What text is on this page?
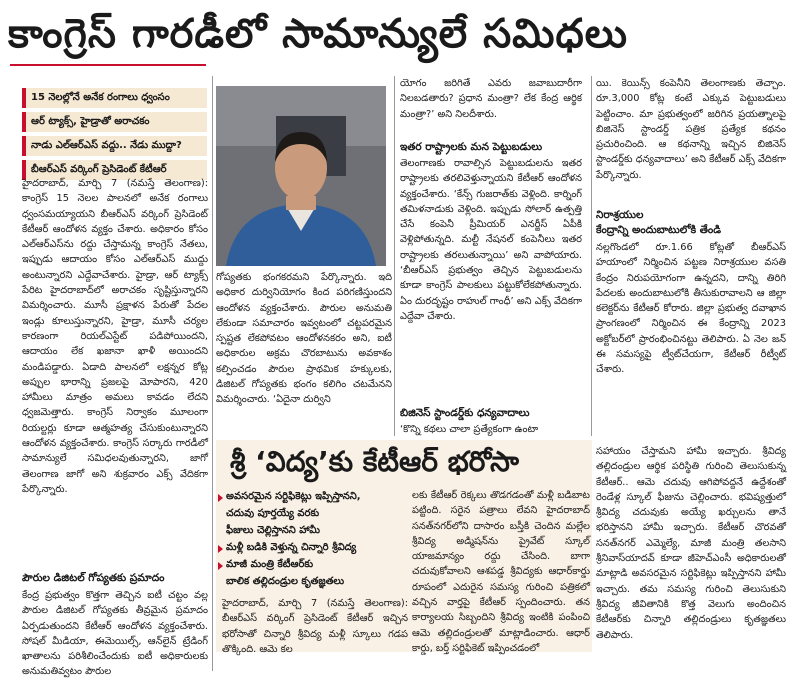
కాంగ్రెస్ గారడీలో సామాన్యులే సమిధలు
15 నెలల్లోనే అనేక రంగాలు ధ్వంసం
ఆర్ ట్యాక్స్, హైడ్రాతో అరాచకం
నాడు ఎల్ఆర్ఎస్ వద్దు.. నేడు ముద్దా?
బీఆర్ఎస్ వర్కింగ్ ప్రెసిడెంట్ కేటీఆర్
హైదరాబాద్, మార్చి 7 (నమస్తే తెలంగాణ): కాంగ్రెస్ 15 నెలల పాలనలో అనేక రంగాలు ధ్వంసమయ్యాయని బీఆర్ఎస్ వర్కింగ్ ప్రెసిడెంట్ కేటీఆర్ ఆందోళన వ్యక్తం చేశారు. అధికారం కోసం ఎల్ఆర్ఎస్‌ను రద్దు చేస్తామన్న కాంగ్రెస్ నేతలు, ఇప్పుడు ఆదాయం కోసం ఎల్ఆర్ఎస్ ముద్దు అంటున్నారని ఎద్దేవాచేశారు. హైడ్రా, ఆర్ ట్యాక్స్ పేరిట హైదరాబాద్‌లో అరాచకం సృష్టిస్తున్నారని విమర్శించారు. మూసీ ప్రక్షాళన పేరుతో పేదల ఇండ్లు కూలుస్తున్నారని, హైడ్రా, మూసీ చర్యల కారణంగా రియల్ఎస్టేట్ పడిపోయిందని, ఆదాయం లేక ఖజానా ఖాళీ అయిందని మండిపడ్డారు. ఏడాది పాలనలో లక్షన్నర కోట్ల అప్పుల భారాన్ని ప్రజలపై మోపారని, 420 హామీలు మాత్రం అమలు కావడం లేదని ధ్వజమెత్తారు. కాంగ్రెస్ నిర్వాకం మూలంగా రియల్టర్లు కూడా ఆత్మహత్య చేసుకుంటున్నారని ఆందోళన వ్యక్తంచేశారు. కాంగ్రెస్ సర్కారు గారడీలో సామాన్యులే సమిధలవుతున్నారని, జాగో తెలంగాణ జాగో అని శుక్రవారం ఎక్స్ వేదికగా పేర్కొన్నారు.
పౌరుల డిజిటల్ గోప్యతకు ప్రమాదం
కేంద్ర ప్రభుత్వం కొత్తగా తెచ్చిన ఐటీ చట్టం వల్ల పౌరుల డిజిటల్ గోప్యతకు తీవ్రమైన ప్రమాదం ఏర్పడుతుందని కేటీఆర్ ఆందోళన వ్యక్తంచేశారు. సోషల్ మీడియా, ఈమెయిల్స్, ఆన్‌లైన్ ట్రేడింగ్ ఖాతాలను పరిశీలించేందుకు ఐటీ అధికారులకు అనుమతివ్వటం పౌరుల
గోప్యతకు భంగకరమని పేర్కొన్నారు. ఇది అధికార దుర్వినియోగం కింద పరిగణిస్తుందని ఆందోళన వ్యక్తంచేశారు. పౌరుల అనుమతి లేకుండా సమాచారం ఇవ్వటంలో చట్టపరమైన స్పష్టత లేకపోవటం ఆందోళనకరం అని, ఐటీ అధికారుల అక్రమ చొరబాటును అవకాశం కల్పించడం పౌరుల ప్రాథమిక హక్కులకు, డిజిటల్ గోప్యతకు భంగం కలిగిం చటమేనని విమర్శించారు. ‘ఏదైనా దుర్విని
యోగం జరిగితే ఎవరు జవాబుదారీగా నిలబడతారు? ప్రధాన మంత్రా? లేక కేంద్ర ఆర్థిక మంత్రా?’ అని నిలదీశారు.
ఇతర రాష్ట్రాలకు మన పెట్టుబడులు
తెలంగాణకు రావాల్సిన పెట్టుబడులను ఇతర రాష్ట్రాలకు తరలివెళ్తున్నాయని కేటీఆర్ ఆందోళన వ్యక్తంచేశారు. ‘కేన్స్ గుజరాత్‌కు వెళ్లింది. కార్నింగ్ తమిళనాడుకు వెళ్లింది. ఇప్పుడు సోలార్ ఉత్పత్తి చేసే కంపెనీ ప్రీమియర్ ఎనర్జీస్ ఏపీకి వెళ్లిపోతున్నది. మల్టీ నేషనల్ కంపెనీలు ఇతర రాష్ట్రాలకు తరలుతున్నాయి’ అని వాపోయారు. ‘బీఆర్ఎస్ ప్రభుత్వం తెచ్చిన పెట్టుబడులను కూడా కాంగ్రెస్ పాలకులు పట్టుకోలేకపోతున్నారు. ఏం దురదృష్టం రాహుల్ గాంధీ’ అని ఎక్స్ వేదికగా ఎద్దేవా చేశారు.
బిజినెస్ స్టాండర్డ్‌కు ధన్యవాదాలు
‘కొన్ని కథలు చాలా ప్రత్యేకంగా ఉంటా
యి. కెయిన్స్ కంపెనీని తెలంగాణకు తెచ్చాం. రూ.3,000 కోట్ల కంటే ఎక్కువ పెట్టుబడులు పెట్టించాం. మా ప్రభుత్వంలో జరిగిన ప్రయత్నాలపై బిజినెస్ స్టాండర్డ్ పత్రిక ప్రత్యేక కథనం ప్రచురించింది. ఆ కథనాన్ని ఇచ్చిన బిజినెస్ స్టాండర్డ్‌కు ధన్యవాదాలు’ అని కేటీఆర్ ఎక్స్ వేదికగా పేర్కొన్నారు.
నిరాశ్రయుల
కేంద్రాన్ని అందుబాటులోకి తేండి
నల్లగొండలో రూ.1.66 కోట్లతో బీఆర్ఎస్ హయాంలో నిర్మించిన పట్టణ నిరాశ్రయుల వసతి కేంద్రం నిరుపయోగంగా ఉన్నదని, దాన్ని తిరిగి పేదలకు అందుబాటులోకి తీసుకురావాలని ఆ జిల్లా కలెక్టర్‌ను కేటీఆర్ కోరారు. జిల్లా ప్రభుత్వ దవాఖాన ప్రాంగణంలో నిర్మించిన ఈ కేంద్రాన్ని 2023 అక్టోబర్‌లో ప్రారంభించినట్టు తెలిపారు. ఏ నెల జన్ ఈ సమస్యపై ట్వీట్‌చేయగా, కేటీఆర్ రీట్వీట్ చేశారు.
శ్రీ ‘విద్య’కు కేటీఆర్ భరోసా
అవసరమైన సర్టిఫికెట్లు ఇప్పిస్తానని,
చదువు పూర్తయ్యే వరకు
ఫీజులు చెల్లిస్తానని హామీ
మళ్లీ బడికి వెళ్తున్న చిన్నారి శ్రీవిద్య
మాజీ మంత్రి కేటీఆర్‌కు
బాలిక తల్లిదండ్రుల కృతజ్ఞతలు
హైదరాబాద్, మార్చి 7 (నమస్తే తెలంగాణ): బీఆర్ఎస్ వర్కింగ్ ప్రెసిడెంట్ కేటీఆర్ ఇచ్చిన భరోసాతో చిన్నారి శ్రీవిద్య మళ్లీ స్కూలు గడప తొక్కింది. ఆమె కల
లకు కేటీఆర్ రెక్కలు తొడగడంతో మళ్లీ బడిబాట పట్టింది. సరైన పత్రాలు లేవని హైదరాబాద్ సనత్‌నగర్‌లోని దాసారం బస్తీకి చెందిన మల్లేల శ్రీవిద్య అడ్మిషన్‌ను ప్రైవేట్ స్కూల్ యాజమాన్యం రద్దు చేసింది. బాగా చదువుకోవాలని ఆశపడ్డ శ్రీవిద్యకు ఆధార్‌కార్డు రూపంలో ఎదురైన సమస్య గురించి పత్రికలో వచ్చిన వార్తపై కేటీఆర్ స్పందించారు. తన కార్యాలయ సిబ్బందిని శ్రీవిద్య ఇంటికి పంపించి ఆమె తల్లిదండ్రులతో మాట్లాడించారు. ఆధార్ కార్డు, బర్త్ సర్టిఫికెట్ ఇప్పించడంలో
సహాయం చేస్తామని హామీ ఇచ్చారు. శ్రీవిద్య తల్లిదండ్రుల ఆర్థిక పరిస్థితి గురించి తెలుసుకున్న కేటీఆర్.. ఆమె చదువు ఆగిపోవద్దనే ఉద్దేశంతో రెండేళ్ల స్కూల్ ఫీజును చెల్లించారు. భవిష్యత్తులో శ్రీవిద్య చదువుకు అయ్యే ఖర్చులను తానే భరిస్తానని హామీ ఇచ్చారు. కేటీఆర్ చొరవతో సనత్‌నగర్ ఎమ్మెల్యే, మాజీ మంత్రి తలసాని శ్రీనివాస్‌యాదవ్ కూడా జీహెచ్ఎంసీ అధికారులతో మాట్లాడి అవసరమైన సర్టిఫికెట్లు ఇప్పిస్తానని హామీ ఇచ్చారు. తమ సమస్య గురించి తెలుసుకుని శ్రీవిద్య జీవితానికి కొత్త వెలుగు అందించిన కేటీఆర్‌కు చిన్నారి తల్లిదండ్రులు కృతజ్ఞతలు తెలిపారు.
